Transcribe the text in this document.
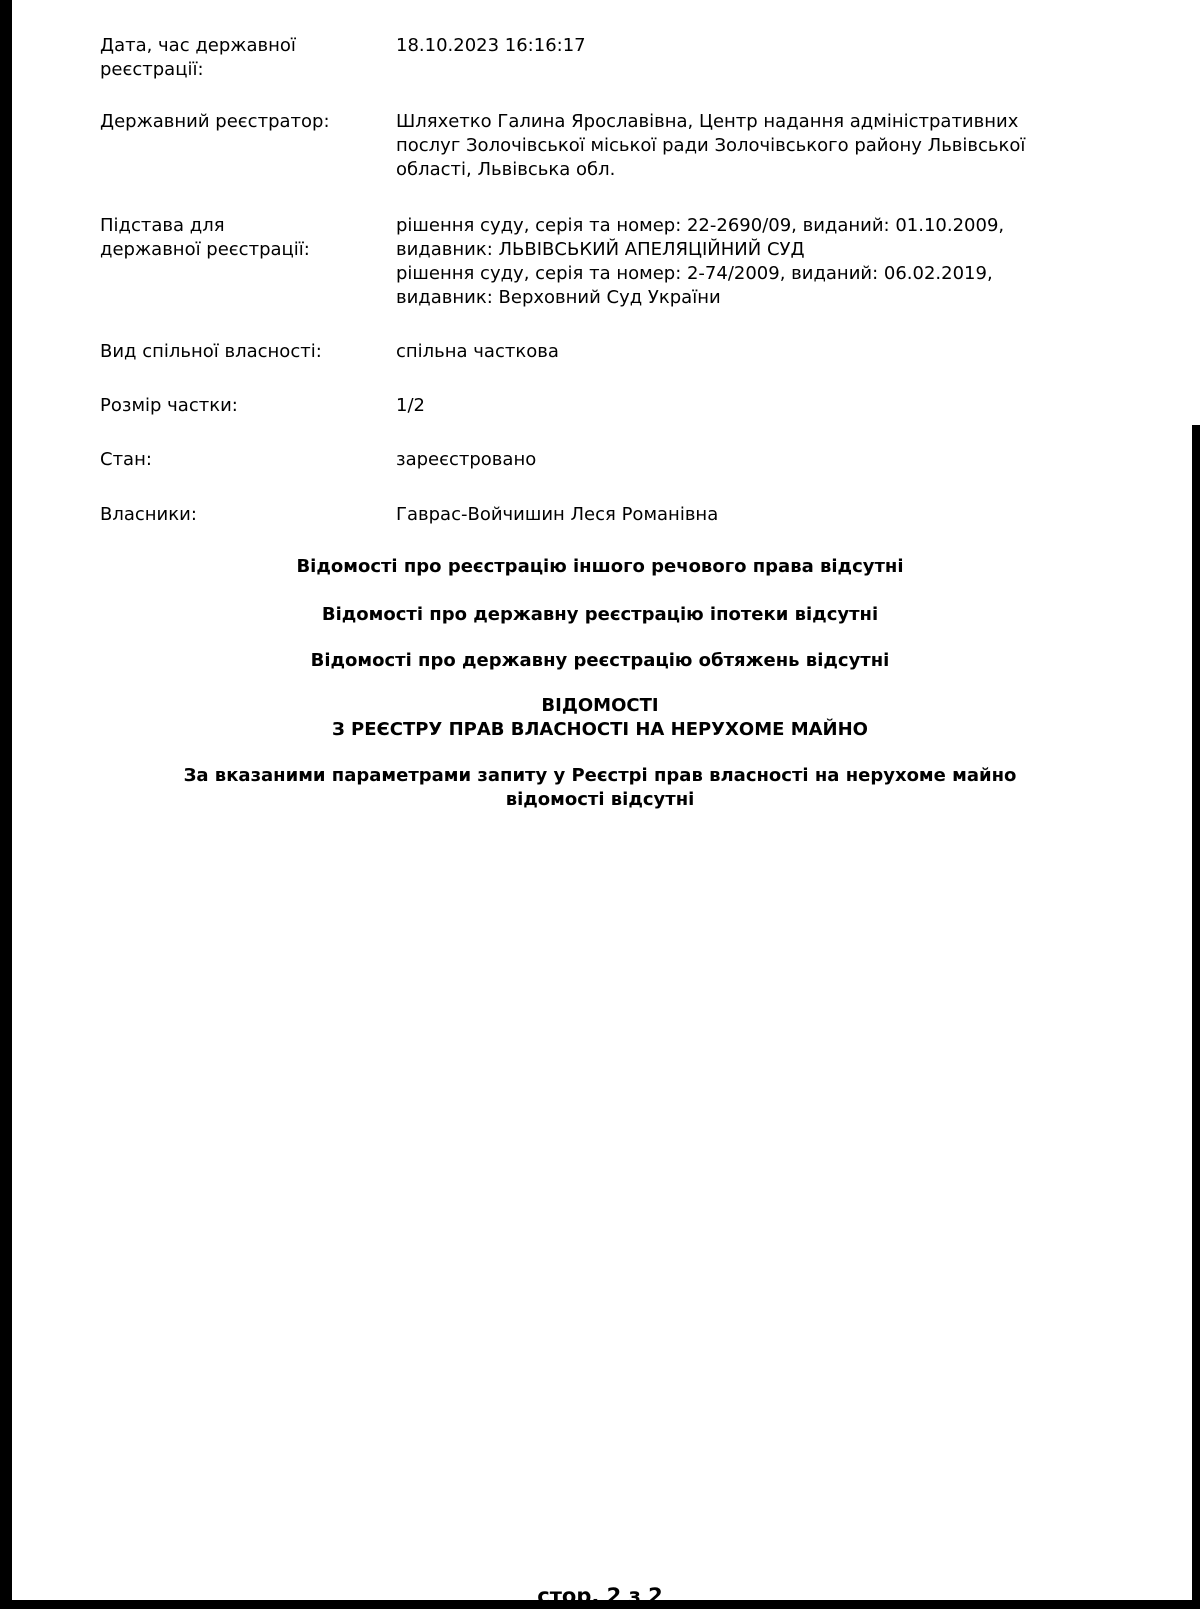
Дата, час державної
реєстрації:
18.10.2023 16:16:17
Державний реєстратор:	Шляхетко Галина Ярославівна, Центр надання адміністративних
послуг Золочівської міської ради Золочівського району Львівської
області, Львівська обл.
Підстава для
державної реєстрації:
рішення суду, серія та номер: 22-2690/09, виданий: 01.10.2009,
видавник: ЛЬВІВСЬКИЙ АПЕЛЯЦІЙНИЙ СУД
рішення суду, серія та номер: 2-74/2009, виданий: 06.02.2019,
видавник: Верховний Суд України
Вид спільної власності:	спільна часткова
Розмір частки:	1/2
Стан:	зареєстровано
Власники:	Гаврас-Войчишин Леся Романівна
Відомості про реєстрацію іншого речового права відсутні
Відомості про державну реєстрацію іпотеки відсутні
Відомості про державну реєстрацію обтяжень відсутні
ВІДОМОСТІ
З РЕЄСТРУ ПРАВ ВЛАСНОСТІ НА НЕРУХОМЕ МАЙНО
За вказаними параметрами запиту у Реєстрі прав власності на нерухоме майно
відомості відсутні
стор. 2 з 2
